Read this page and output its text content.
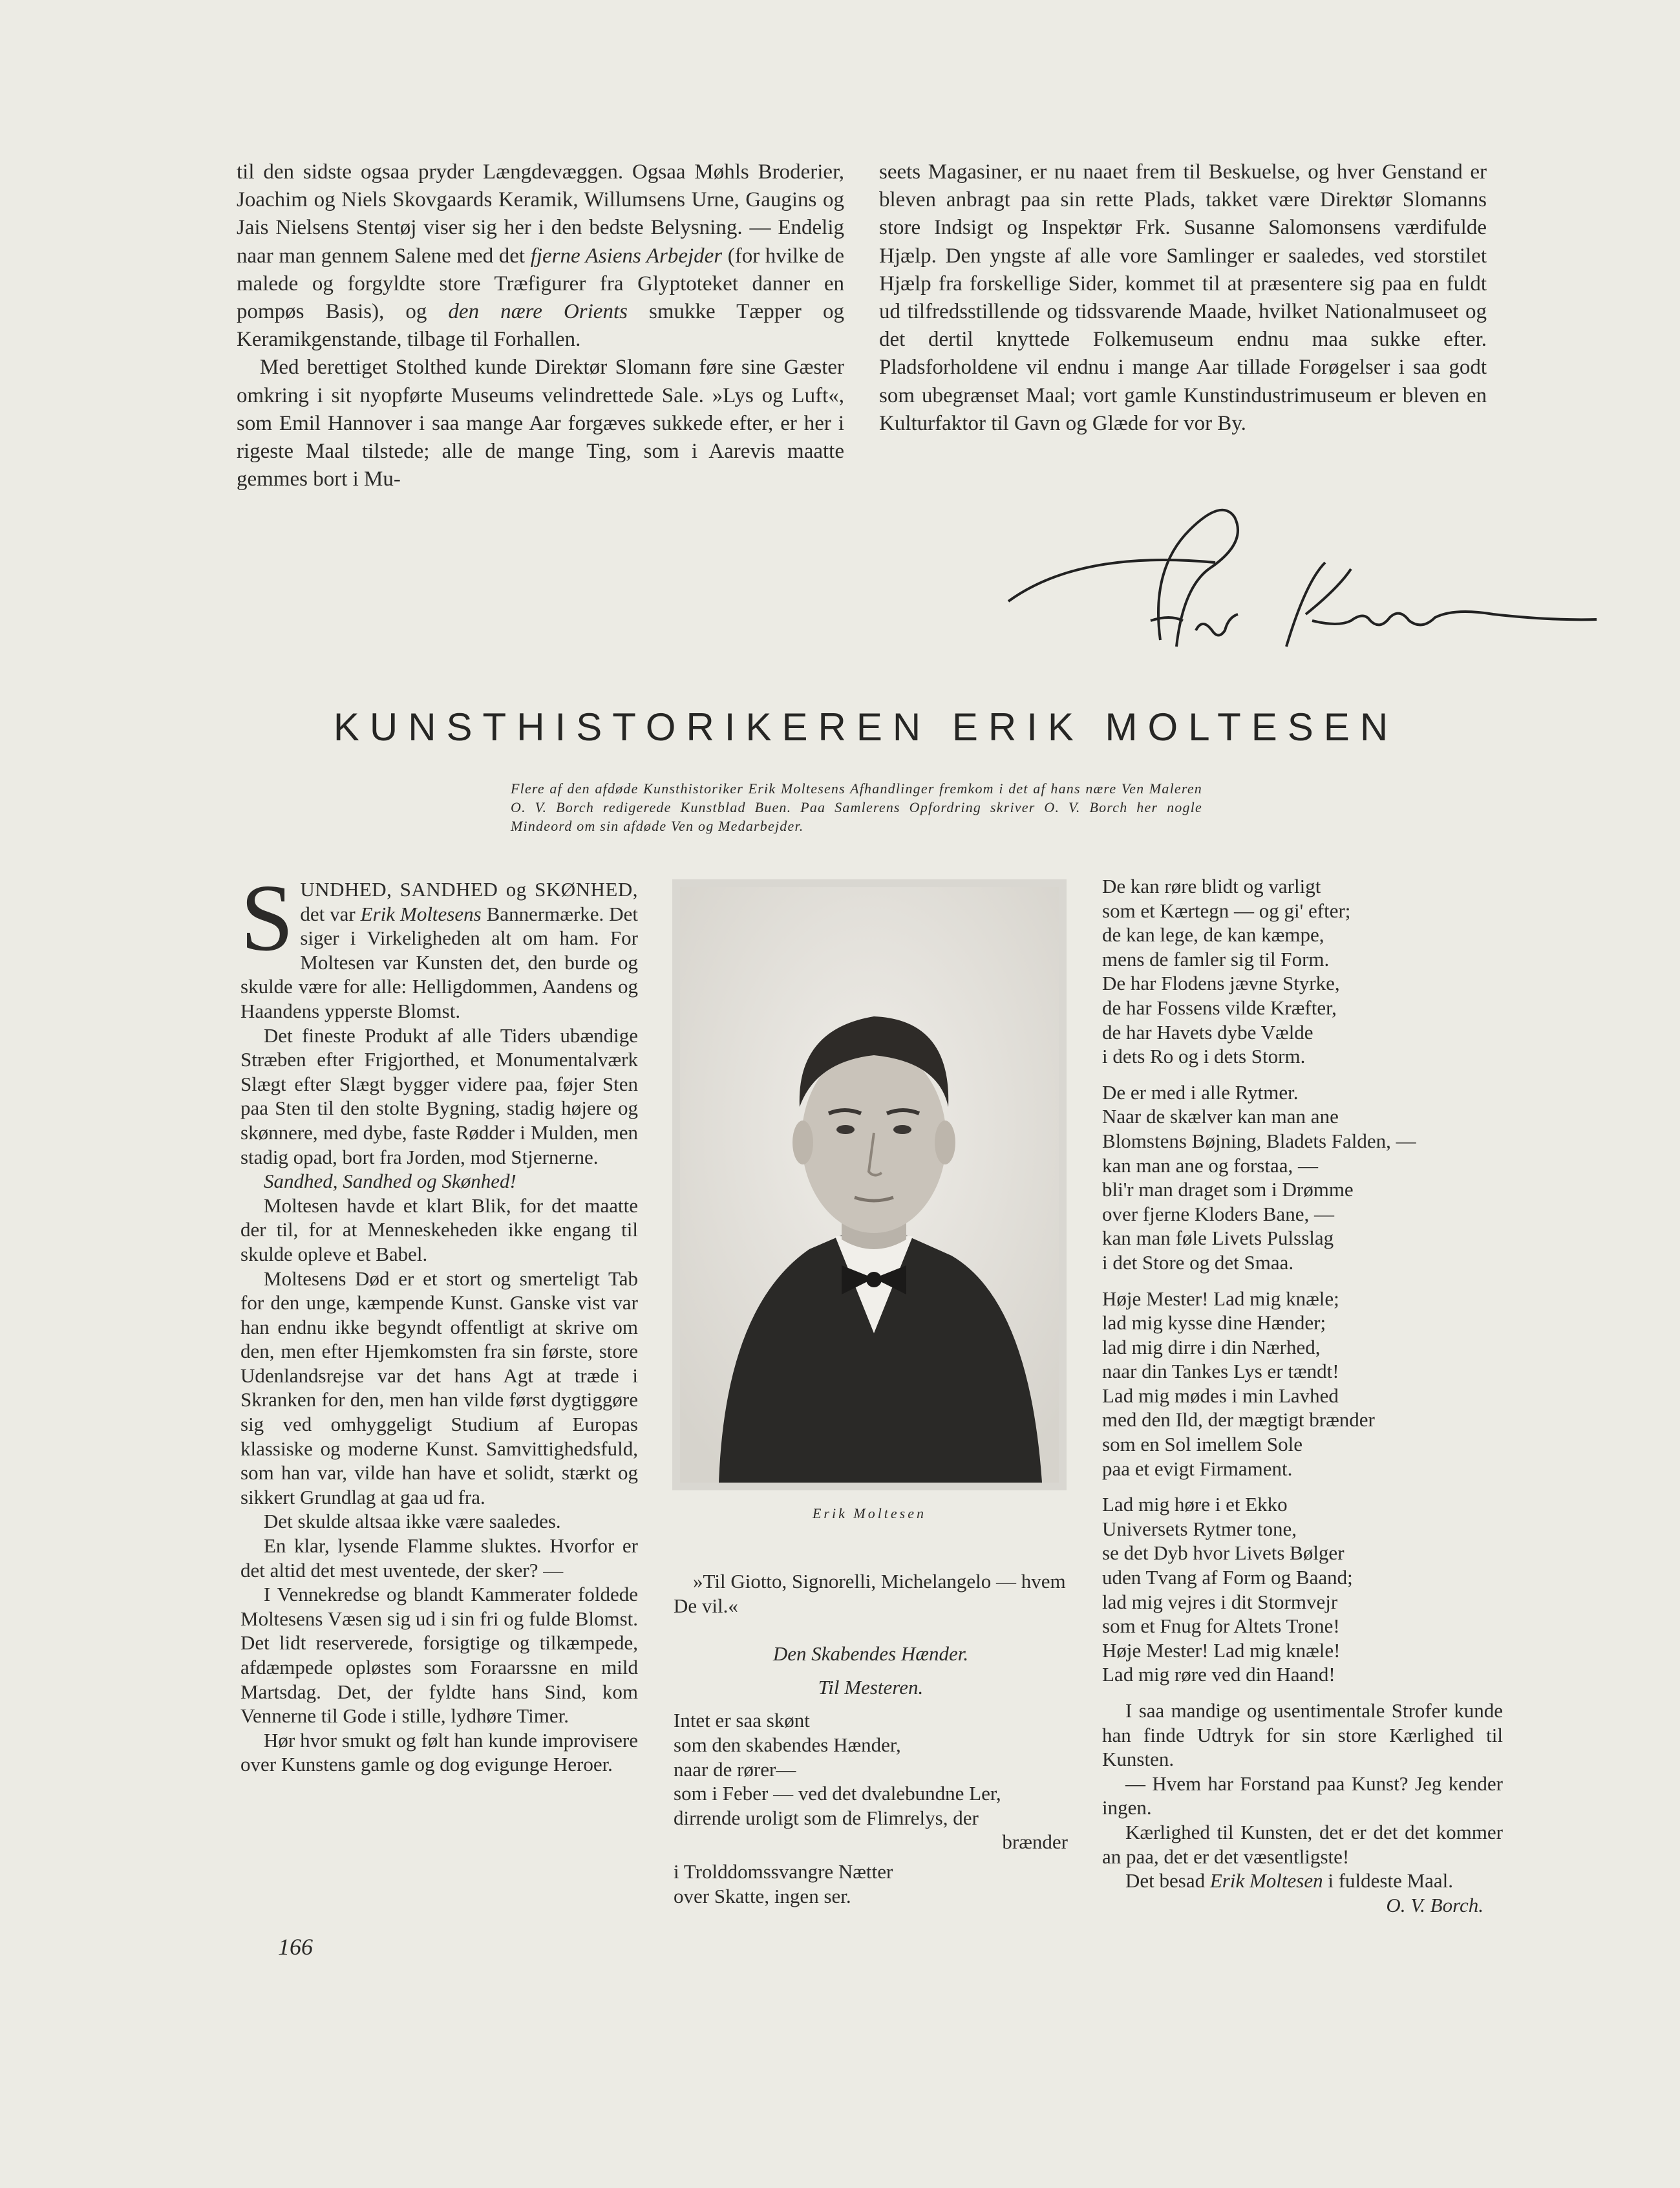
til den sidste ogsaa pryder Længdevæggen. Ogsaa Møhls Broderier, Joachim og Niels Skovgaards Keramik, Willumsens Urne, Gaugins og Jais Nielsens Stentøj viser sig her i den bedste Belysning. — Endelig naar man gennem Salene med det fjerne Asiens Arbejder (for hvilke de malede og forgyldte store Træfigurer fra Glyptoteket danner en pompøs Basis), og den nære Orients smukke Tæpper og Keramikgenstande, tilbage til Forhallen.

Med berettiget Stolthed kunde Direktør Slomann føre sine Gæster omkring i sit nyopførte Museums velindrettede Sale. »Lys og Luft«, som Emil Hannover i saa mange Aar forgæves sukkede efter, er her i rigeste Maal tilstede; alle de mange Ting, som i Aarevis maatte gemmes bort i Mu-

seets Magasiner, er nu naaet frem til Beskuelse, og hver Genstand er bleven anbragt paa sin rette Plads, takket være Direktør Slomanns store Indsigt og Inspektør Frk. Susanne Salomonsens værdifulde Hjælp. Den yngste af alle vore Samlinger er saaledes, ved storstilet Hjælp fra forskellige Sider, kommet til at præsentere sig paa en fuldt ud tilfredsstillende og tidssvarende Maade, hvilket Nationalmuseet og det dertil knyttede Folkemuseum endnu maa sukke efter. Pladsforholdene vil endnu i mange Aar tillade Forøgelser i saa godt som ubegrænset Maal; vort gamle Kunstindustrimuseum er bleven en Kulturfaktor til Gavn og Glæde for vor By.

KUNSTHISTORIKEREN ERIK MOLTESEN
Flere af den afdøde Kunsthistoriker Erik Moltesens Afhandlinger fremkom i det af hans nære Ven Maleren O. V. Borch redigerede Kunstblad Buen. Paa Samlerens Opfordring skriver O. V. Borch her nogle Mindeord om sin afdøde Ven og Medarbejder.

SUNDHED, SANDHED og SKØNHED, det var Erik Moltesens Bannermærke. Det siger i Virkeligheden alt om ham. For Moltesen var Kunsten det, den burde og skulde være for alle: Helligdommen, Aandens og Haandens ypperste Blomst.

Det fineste Produkt af alle Tiders ubændige Stræben efter Frigjorthed, et Monumentalværk Slægt efter Slægt bygger videre paa, føjer Sten paa Sten til den stolte Bygning, stadig højere og skønnere, med dybe, faste Rødder i Mulden, men stadig opad, bort fra Jorden, mod Stjernerne.

Sandhed, Sandhed og Skønhed!

Moltesen havde et klart Blik, for det maatte der til, for at Menneskeheden ikke engang til skulde opleve et Babel.

Moltesens Død er et stort og smerteligt Tab for den unge, kæmpende Kunst. Ganske vist var han endnu ikke begyndt offentligt at skrive om den, men efter Hjemkomsten fra sin første, store Udenlandsrejse var det hans Agt at træde i Skranken for den, men han vilde først dygtiggøre sig ved omhyggeligt Studium af Europas klassiske og moderne Kunst. Samvittighedsfuld, som han var, vilde han have et solidt, stærkt og sikkert Grundlag at gaa ud fra.

Det skulde altsaa ikke være saaledes.

En klar, lysende Flamme sluktes. Hvorfor er det altid det mest uventede, der sker? —

I Vennekredse og blandt Kammerater foldede Moltesens Væsen sig ud i sin fri og fulde Blomst. Det lidt reserverede, forsigtige og tilkæmpede, afdæmpede opløstes som Foraarssne en mild Martsdag. Det, der fyldte hans Sind, kom Vennerne til Gode i stille, lydhøre Timer.

Hør hvor smukt og følt han kunde improvisere over Kunstens gamle og dog evigunge Heroer.

Erik Moltesen

»Til Giotto, Signorelli, Michelangelo — hvem De vil.«

Den Skabendes Hænder.

Til Mesteren.

Intet er saa skønt

som den skabendes Hænder,

naar de rører—

som i Feber — ved det dvalebundne Ler,

dirrende uroligt som de Flimrelys, der

brænder

i Trolddomssvangre Nætter

over Skatte, ingen ser.

De kan røre blidt og varligt
som et Kærtegn — og gi' efter;
de kan lege, de kan kæmpe,
mens de famler sig til Form.
De har Flodens jævne Styrke,
de har Fossens vilde Kræfter,
de har Havets dybe Vælde
i dets Ro og i dets Storm.
De er med i alle Rytmer.
Naar de skælver kan man ane
Blomstens Bøjning, Bladets Falden, —
kan man ane og forstaa, —
bli'r man draget som i Drømme
over fjerne Kloders Bane, —
kan man føle Livets Pulsslag
i det Store og det Smaa.
Høje Mester! Lad mig knæle;
lad mig kysse dine Hænder;
lad mig dirre i din Nærhed,
naar din Tankes Lys er tændt!
Lad mig mødes i min Lavhed
med den Ild, der mægtigt brænder
som en Sol imellem Sole
paa et evigt Firmament.
Lad mig høre i et Ekko
Universets Rytmer tone,
se det Dyb hvor Livets Bølger
uden Tvang af Form og Baand;
lad mig vejres i dit Stormvejr
som et Fnug for Altets Trone!
Høje Mester! Lad mig knæle!
Lad mig røre ved din Haand!

I saa mandige og usentimentale Strofer kunde han finde Udtryk for sin store Kærlighed til Kunsten.

— Hvem har Forstand paa Kunst? Jeg kender ingen.

Kærlighed til Kunsten, det er det det kommer an paa, det er det væsentligste!

Det besad Erik Moltesen i fuldeste Maal.

O. V. Borch.

166
